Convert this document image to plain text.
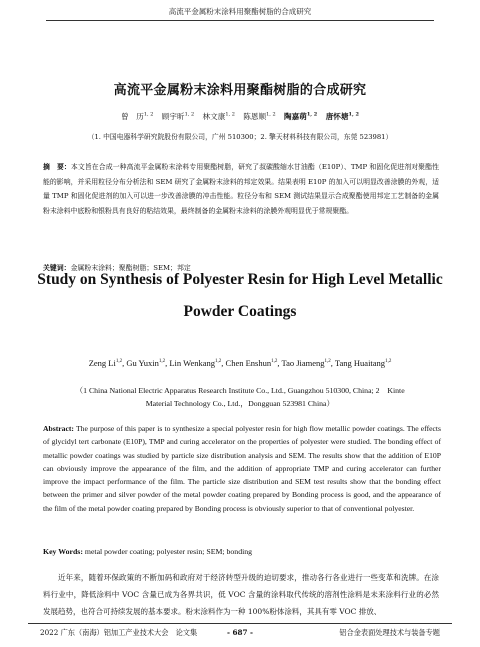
高流平金属粉末涂料用聚酯树脂的合成研究
高流平金属粉末涂料用聚酯树脂的合成研究
曾　历$^{1, 2}$ 顾宇昕$^{1, 2}$ 林文康$^{1, 2}$ 陈恩顺$^{1, 2}$ 陶嘉萌$^{1, 2}$ 唐怀塘$^{1, 2}$
（1. 中国电器科学研究院股份有限公司，广州 510300；2. 擎天材料科技有限公司，东莞 523981）
摘　要：本文旨在合成一种高流平金属粉末涂料专用聚酯树脂，研究了叔碳酸缩水甘油酯（E10P）、TMP 和固化促进剂对聚酯性能的影响，并采用粒径分布分析法和 SEM 研究了金属粉末涂料的邦定效果。结果表明 E10P 的加入可以明显改善涂膜的外观，适量 TMP 和固化促进剂的加入可以进一步改善涂膜的冲击性能。粒径分布和 SEM 测试结果显示合成聚酯使用邦定工艺制备的金属粉末涂料中底粉和银粉具有良好的粘结效果，最终制备的金属粉末涂料的涂膜外观明显优于常规聚酯。
关键词：金属粉末涂料；聚酯树脂；SEM；邦定
Study on Synthesis of Polyester Resin for High Level Metallic Powder Coatings
Zeng Li$^{1,2}$, Gu Yuxin$^{1,2}$, Lin Wenkang$^{1,2}$, Chen Enshun$^{1,2}$, Tao Jiameng$^{1,2}$, Tang Huaitang$^{1,2}$
（1 China National Electric Apparatus Research Institute Co., Ltd., Guangzhou 510300, China; 2　Kinte Material Technology Co., Ltd.，Dongguan 523981 China）
Abstract: The purpose of this paper is to synthesize a special polyester resin for high flow metallic powder coatings. The effects of glycidyl tert carbonate (E10P), TMP and curing accelerator on the properties of polyester were studied. The bonding effect of metallic powder coatings was studied by particle size distribution analysis and SEM. The results show that the addition of E10P can obviously improve the appearance of the film, and the addition of appropriate TMP and curing accelerator can further improve the impact performance of the film. The particle size distribution and SEM test results show that the bonding effect between the primer and silver powder of the metal powder coating prepared by Bonding process is good, and the appearance of the film of the metal powder coating prepared by Bonding process is obviously superior to that of conventional polyester.
Key Words: metal powder coating; polyester resin; SEM; bonding
近年来，随着环保政策的不断加码和政府对于经济转型升级的迫切要求，推动各行各业进行一些变革和洗牌。在涂料行业中，降低涂料中 VOC 含量已成为各界共识，低 VOC 含量的涂料取代传统的溶剂性涂料是未来涂料行业的必然发展趋势，也符合可持续发展的基本要求。粉末涂料作为一种 100%粉体涂料，其具有零 VOC 排放、
2022 广东（南海）铝加工产业技术大会　论文集	- 687 -	铝合金表面处理技术与装备专题
